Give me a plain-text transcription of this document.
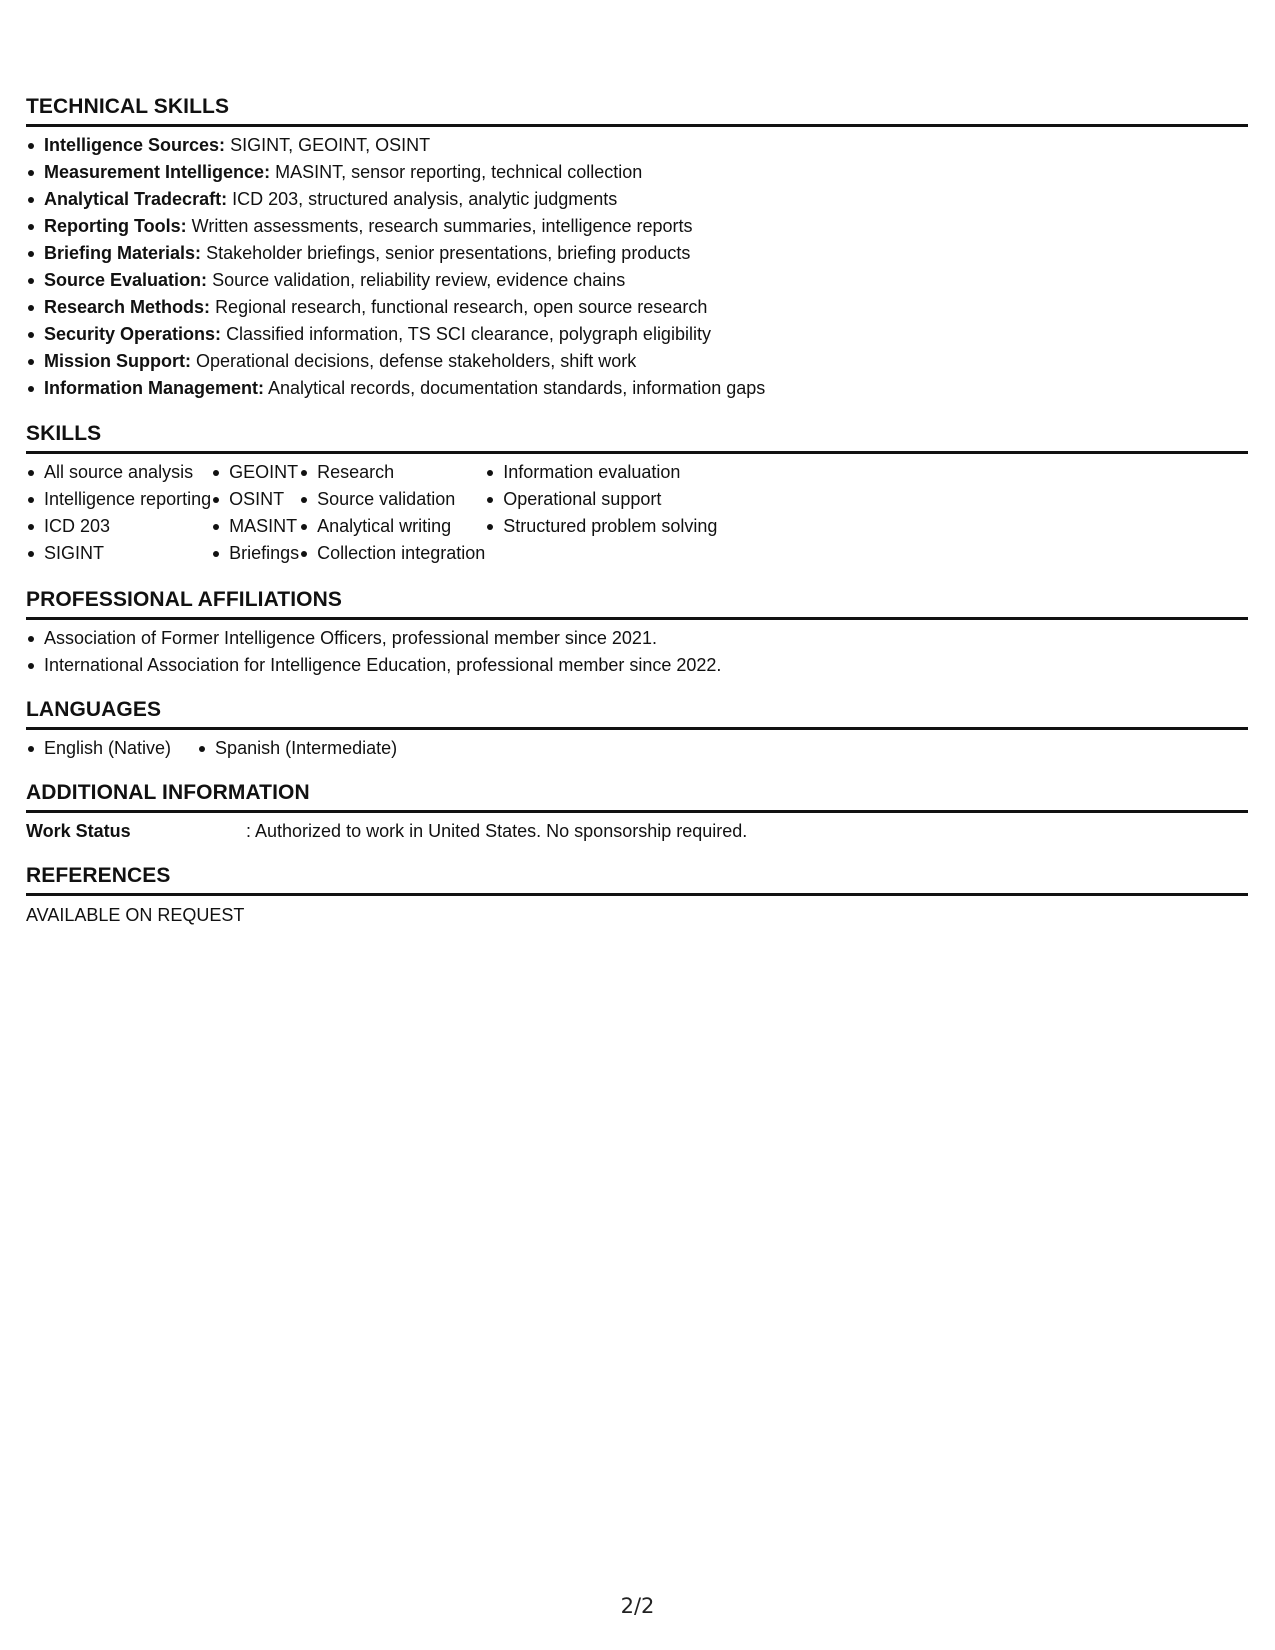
TECHNICAL SKILLS
Intelligence Sources: SIGINT, GEOINT, OSINT
Measurement Intelligence: MASINT, sensor reporting, technical collection
Analytical Tradecraft: ICD 203, structured analysis, analytic judgments
Reporting Tools: Written assessments, research summaries, intelligence reports
Briefing Materials: Stakeholder briefings, senior presentations, briefing products
Source Evaluation: Source validation, reliability review, evidence chains
Research Methods: Regional research, functional research, open source research
Security Operations: Classified information, TS SCI clearance, polygraph eligibility
Mission Support: Operational decisions, defense stakeholders, shift work
Information Management: Analytical records, documentation standards, information gaps
SKILLS
All source analysis
Intelligence reporting
ICD 203
SIGINT
GEOINT
OSINT
MASINT
Briefings
Research
Source validation
Analytical writing
Collection integration
Information evaluation
Operational support
Structured problem solving
PROFESSIONAL AFFILIATIONS
Association of Former Intelligence Officers, professional member since 2021.
International Association for Intelligence Education, professional member since 2022.
LANGUAGES
English (Native)	Spanish (Intermediate)
ADDITIONAL INFORMATION
Work Status	: Authorized to work in United States. No sponsorship required.
REFERENCES
AVAILABLE ON REQUEST
2/2
